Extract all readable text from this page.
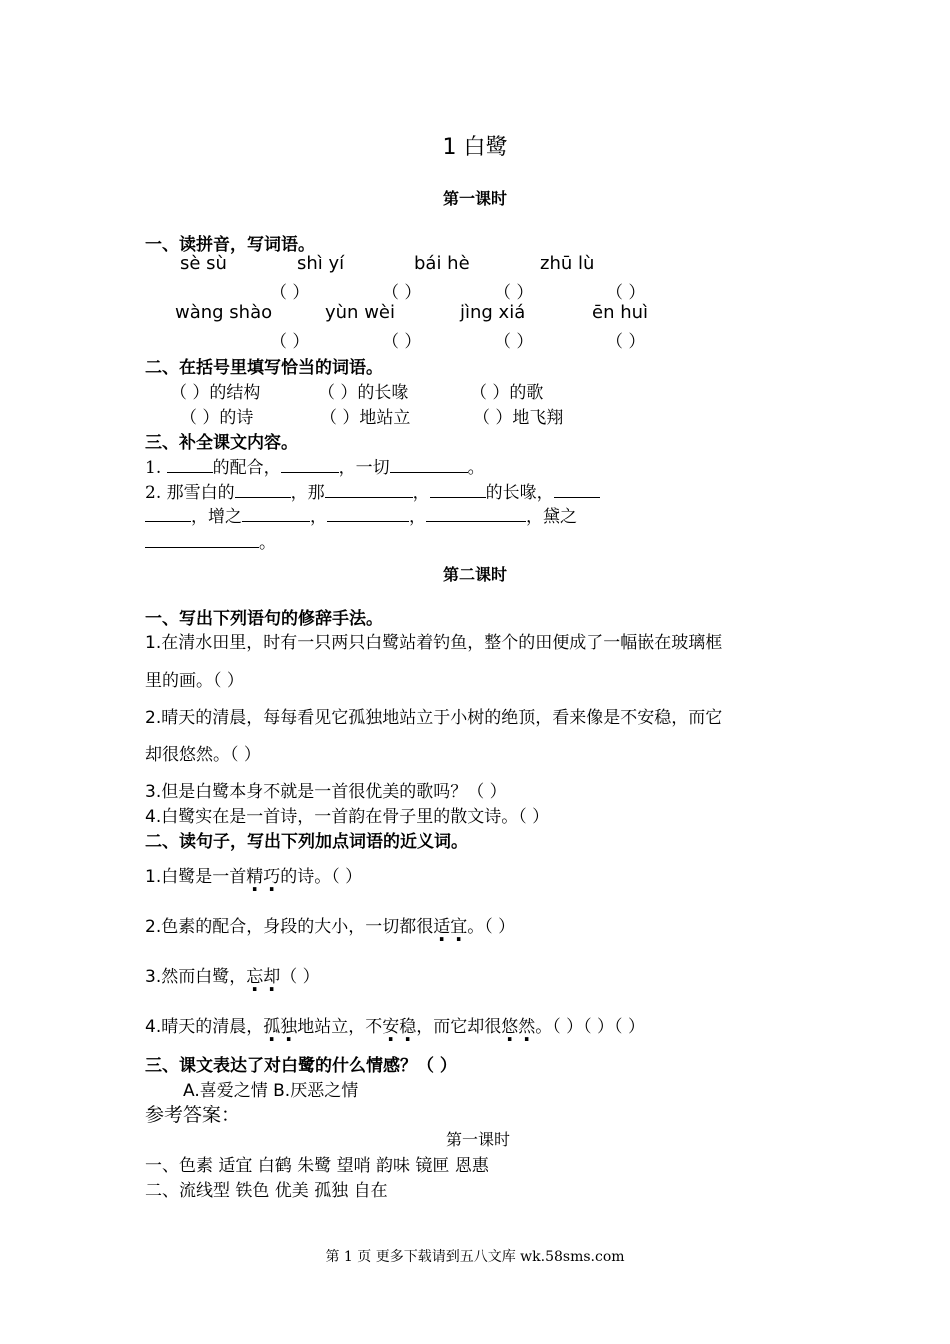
1 白鹭
第一课时
一、读拼音，写词语。
sè sù	shì yí	bái hè	zhū lù
（ ）	（ ）	（ ）	（ ）
wàng shào	yùn wèi	jìng xiá	ēn huì
（ ）	（ ）	（ ）	（ ）
二、在括号里填写恰当的词语。
（ ）的结构	（ ）的长喙	（ ）的歌
（ ）的诗	（ ）地站立	（ ）地飞翔
三、补全课文内容。
1.	的配合，	，一切	。
2. 那雪白的	，那	，	的长喙，
，增之	，	，	，黛之
。
第二课时
一、写出下列语句的修辞手法。
1.在清水田里，时有一只两只白鹭站着钓鱼，整个的田便成了一幅嵌在玻璃框
里的画。（ ）
2.晴天的清晨，每每看见它孤独地站立于小树的绝顶，看来像是不安稳，而它
却很悠然。（ ）
3.但是白鹭本身不就是一首很优美的歌吗？（ ）
4.白鹭实在是一首诗，一首韵在骨子里的散文诗。（ ）
二、读句子，写出下列加点词语的近义词。
1.白鹭是一首精巧的诗。（ ）
2.色素的配合，身段的大小，一切都很适宜。（ ）
3.然而白鹭，忘却（ ）
4.晴天的清晨，孤独地站立，不安稳，而它却很悠然。（ ）（ ）（ ）
三、课文表达了对白鹭的什么情感？（ ）
A.喜爱之情 B.厌恶之情
参考答案：
第一课时
一、色素 适宜 白鹤 朱鹭 望哨 韵味 镜匣 恩惠
二、流线型 铁色 优美 孤独 自在
第 1 页 更多下载请到五八文库 wk.58sms.com
